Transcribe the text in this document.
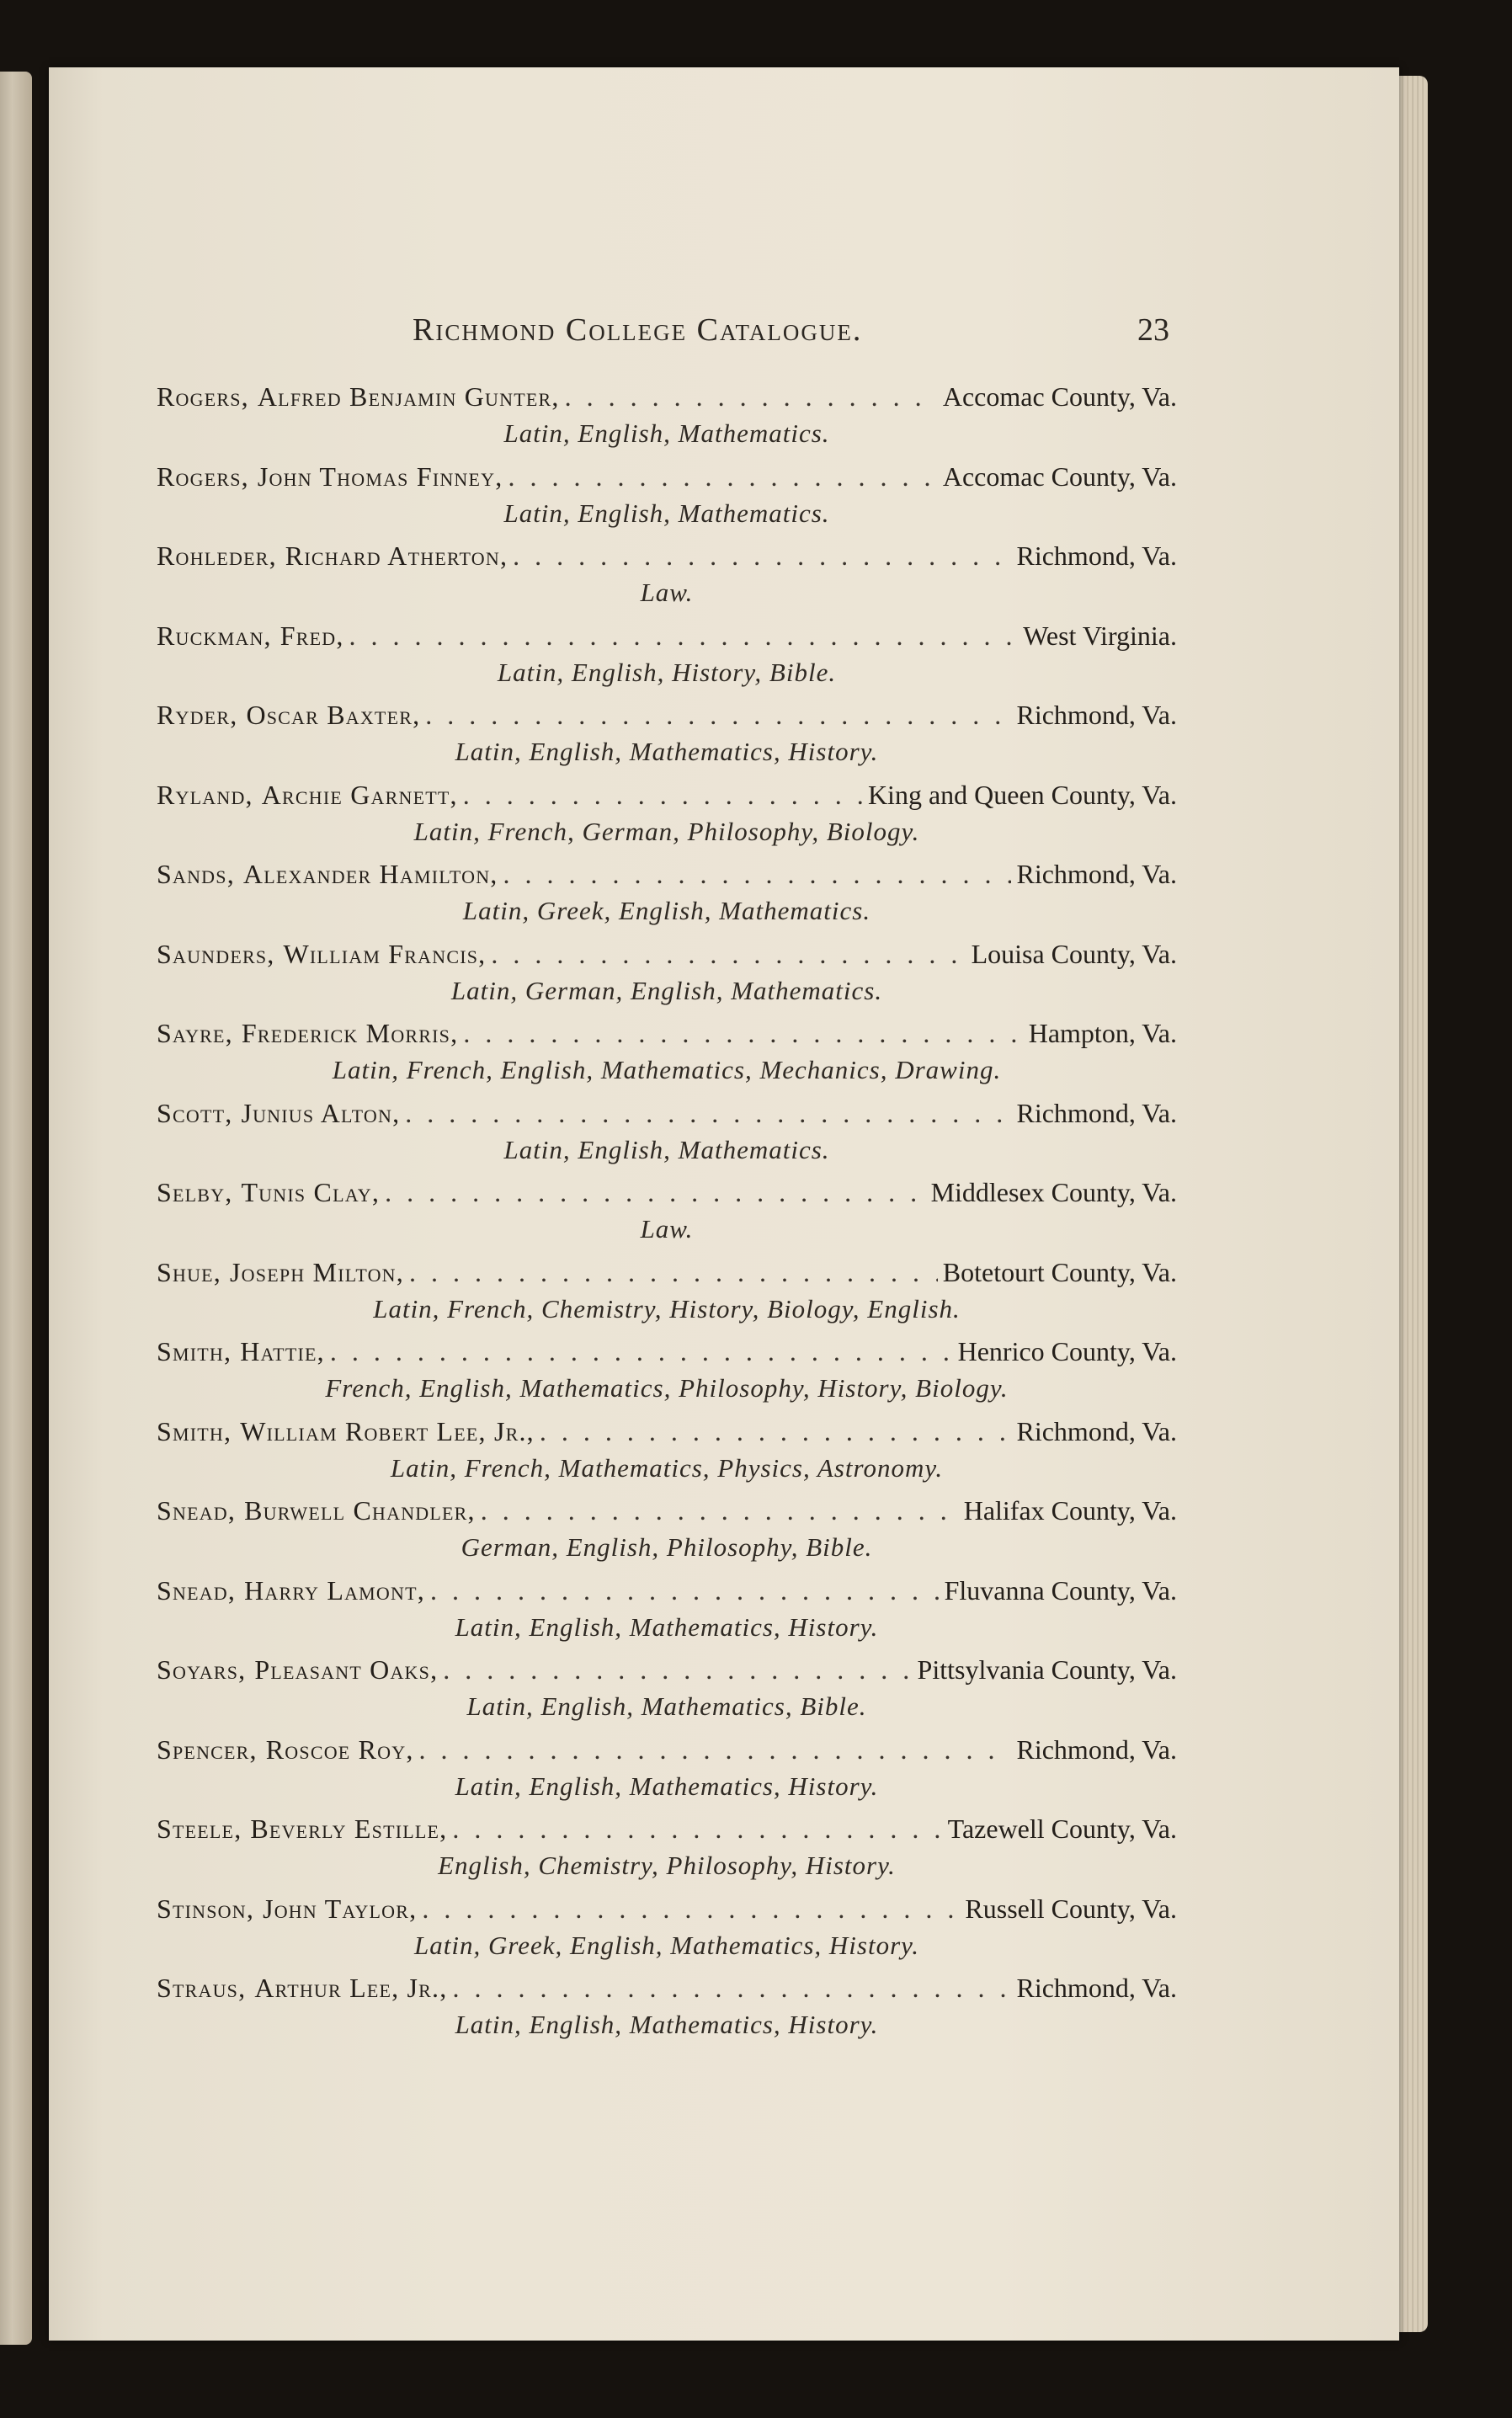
Richmond College Catalogue.	23
Rogers, Alfred Benjamin Gunter, . . .	Accomac County, Va.
Latin, English, Mathematics.
Rogers, John Thomas Finney, . . .	Accomac County, Va.
Latin, English, Mathematics.
Rohleder, Richard Atherton, . . .	Richmond, Va.
Law.
Ruckman, Fred, . . .	West Virginia.
Latin, English, History, Bible.
Ryder, Oscar Baxter, . . .	Richmond, Va.
Latin, English, Mathematics, History.
Ryland, Archie Garnett, . . .	King and Queen County, Va.
Latin, French, German, Philosophy, Biology.
Sands, Alexander Hamilton, . . .	Richmond, Va.
Latin, Greek, English, Mathematics.
Saunders, William Francis, . . .	Louisa County, Va.
Latin, German, English, Mathematics.
Sayre, Frederick Morris, . . .	Hampton, Va.
Latin, French, English, Mathematics, Mechanics, Drawing.
Scott, Junius Alton, . . .	Richmond, Va.
Latin, English, Mathematics.
Selby, Tunis Clay, . . .	Middlesex County, Va.
Law.
Shue, Joseph Milton, . . .	Botetourt County, Va.
Latin, French, Chemistry, History, Biology, English.
Smith, Hattie, . . .	Henrico County, Va.
French, English, Mathematics, Philosophy, History, Biology.
Smith, William Robert Lee, Jr., . . .	Richmond, Va.
Latin, French, Mathematics, Physics, Astronomy.
Snead, Burwell Chandler, . . .	Halifax County, Va.
German, English, Philosophy, Bible.
Snead, Harry Lamont, . . .	Fluvanna County, Va.
Latin, English, Mathematics, History.
Soyars, Pleasant Oaks, . . .	Pittsylvania County, Va.
Latin, English, Mathematics, Bible.
Spencer, Roscoe Roy, . . .	Richmond, Va.
Latin, English, Mathematics, History.
Steele, Beverly Estille, . . .	Tazewell County, Va.
English, Chemistry, Philosophy, History.
Stinson, John Taylor, . . .	Russell County, Va.
Latin, Greek, English, Mathematics, History.
Straus, Arthur Lee, Jr., . . .	Richmond, Va.
Latin, English, Mathematics, History.
